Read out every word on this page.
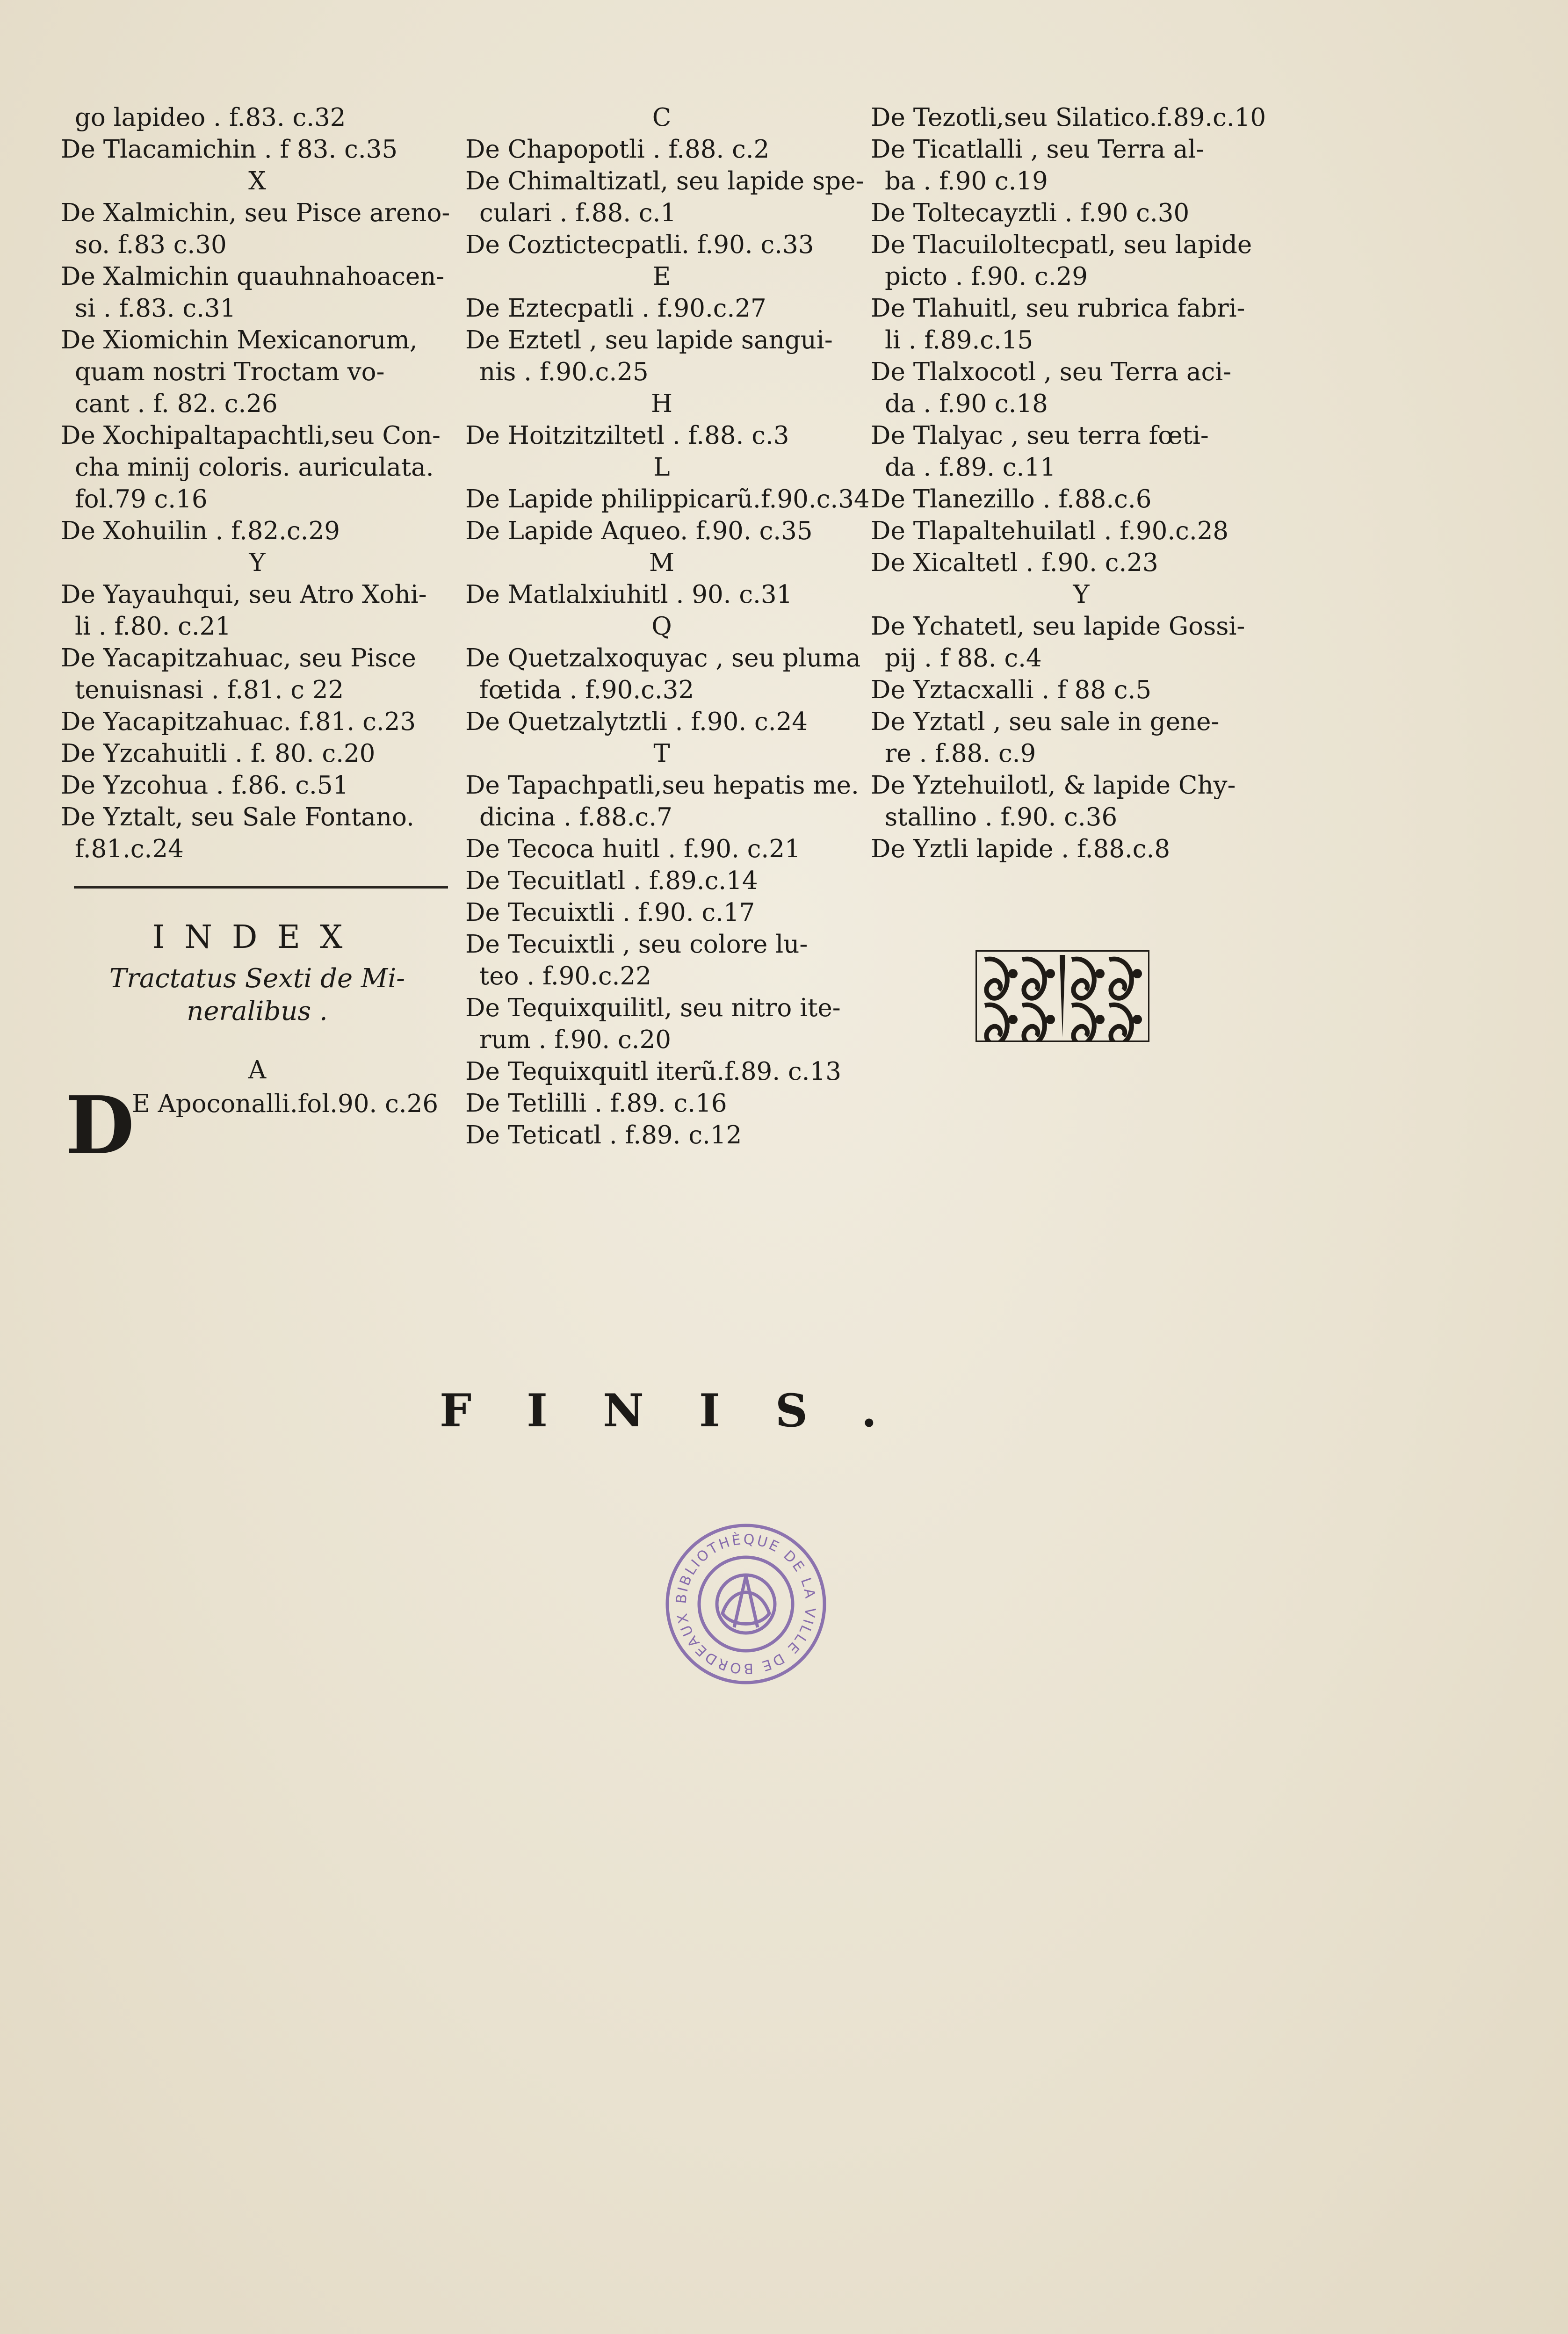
go lapideo . f.83. c.32
De Tlacamichin . f 83. c.35
X
De Xalmichin, seu Pisce areno-
so. f.83 c.30
De Xalmichin quauhnahoacen-
si . f.83. c.31
De Xiomichin Mexicanorum,
quam nostri Troctam vo-
cant . f. 82. c.26
De Xochipaltapachtli,seu Con-
cha minij coloris. auriculata.
fol.79 c.16
De Xohuilin . f.82.c.29
Y
De Yayauhqui, seu Atro Xohi-
li . f.80. c.21
De Yacapitzahuac, seu Pisce
tenuisnasi . f.81. c 22
De Yacapitzahuac. f.81. c.23
De Yzcahuitli . f. 80. c.20
De Yzcohua . f.86. c.51
De Yztalt, seu Sale Fontano.
f.81.c.24
C
De Chapopotli . f.88. c.2
De Chimaltizatl, seu lapide spe-
culari . f.88. c.1
De Coztictecpatli. f.90. c.33
E
De Eztecpatli . f.90.c.27
De Eztetl , seu lapide sangui-
nis . f.90.c.25
H
De Hoitzitziltetl . f.88. c.3
L
De Lapide philippicarũ.f.90.c.34
De Lapide Aqueo. f.90. c.35
M
De Matlalxiuhitl . 90. c.31
Q
De Quetzalxoquyac , seu pluma
fœtida . f.90.c.32
De Quetzalytztli . f.90. c.24
T
De Tapachpatli,seu hepatis me.
dicina . f.88.c.7
De Tecoca huitl . f.90. c.21
De Tecuitlatl . f.89.c.14
De Tecuixtli . f.90. c.17
De Tecuixtli , seu colore lu-
teo . f.90.c.22
De Tequixquilitl, seu nitro ite-
rum . f.90. c.20
De Tequixquitl iterũ.f.89. c.13
De Tetlilli . f.89. c.16
De Teticatl . f.89. c.12
De Tezotli,seu Silatico.f.89.c.10
De Ticatlalli , seu Terra al-
ba . f.90 c.19
De Toltecayztli . f.90 c.30
De Tlacuiloltecpatl, seu lapide
picto . f.90. c.29
De Tlahuitl, seu rubrica fabri-
li . f.89.c.15
De Tlalxocotl , seu Terra aci-
da . f.90 c.18
De Tlalyac , seu terra fœti-
da . f.89. c.11
De Tlanezillo . f.88.c.6
De Tlapaltehuilatl . f.90.c.28
De Xicaltetl . f.90. c.23
Y
De Ychatetl, seu lapide Gossi-
pij . f 88. c.4
De Yztacxalli . f 88 c.5
De Yztatl , seu sale in gene-
re . f.88. c.9
De Yztehuilotl, & lapide Chy-
stallino . f.90. c.36
De Yztli lapide . f.88.c.8
INDEX
Tractatus Sexti de Mi-
neralibus .
A
D
E Apoconalli.fol.90. c.26
FINIS.
BIBLIOTHÈQUE DE LA VILLE DE BORDEAUX
